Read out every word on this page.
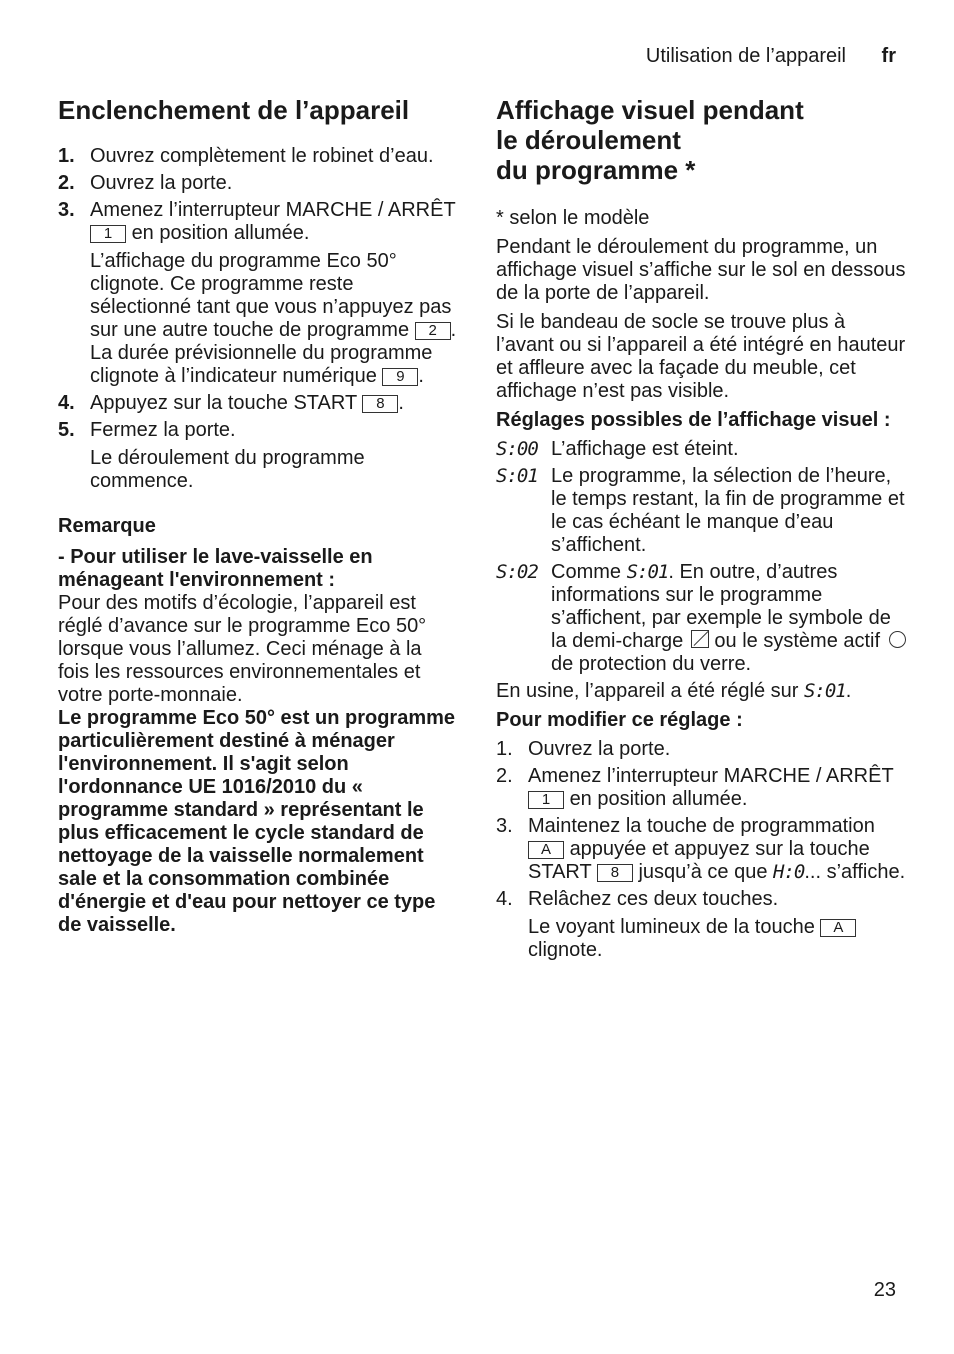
Utilisation de l’appareil fr
Enclenchement de l’appareil
1. Ouvrez complètement le robinet d’eau.
2. Ouvrez la porte.
3. Amenez l’interrupteur MARCHE / ARRÊT 1 en position allumée.
L’affichage du programme Eco 50° clignote. Ce programme reste sélectionné tant que vous n’appuyez pas sur une autre touche de programme 2 . La durée prévisionnelle du programme clignote à l’indicateur numérique 9 .
4. Appuyez sur la touche START 8 .
5. Fermez la porte.
Le déroulement du programme commence.
Remarque
- Pour utiliser le lave-vaisselle en ménageant l'environnement :
Pour des motifs d’écologie, l’appareil est réglé d’avance sur le programme Eco 50° lorsque vous l’allumez. Ceci ménage à la fois les ressources environnementales et votre porte-monnaie.
Le programme Eco 50° est un programme particulièrement destiné à ménager l'environnement. Il s'agit selon l'ordonnance UE 1016/2010 du « programme standard » représentant le plus efficacement le cycle standard de nettoyage de la vaisselle normalement sale et la consommation combinée d'énergie et d'eau pour nettoyer ce type de vaisselle.
Affichage visuel pendant
le déroulement
du programme *

* selon le modèle

Pendant le déroulement du programme, un affichage visuel s’affiche sur le sol en dessous de la porte de l’appareil.

Si le bandeau de socle se trouve plus à l’avant ou si l’appareil a été intégré en hauteur et affleure avec la façade du meuble, cet affichage n’est pas visible.

Réglages possibles de l’affichage visuel :

S:00 L’affichage est éteint.
S:01 Le programme, la sélection de l’heure, le temps restant, la fin de programme et le cas échéant le manque d’eau s’affichent.
S:02 Comme S:01. En outre, d’autres informations sur le programme s’affichent, par exemple le symbole de la demi-charge ou le système actif  de protection du verre.

En usine, l’appareil a été réglé sur S:01.

Pour modifier ce réglage :

1. Ouvrez la porte.
2. Amenez l’interrupteur MARCHE / ARRÊT 1 en position allumée.
3. Maintenez la touche de programmation A appuyée et appuyez sur la touche START 8 jusqu’à ce que H:0... s’affiche.
4. Relâchez ces deux touches.
Le voyant lumineux de la touche A clignote.
23
